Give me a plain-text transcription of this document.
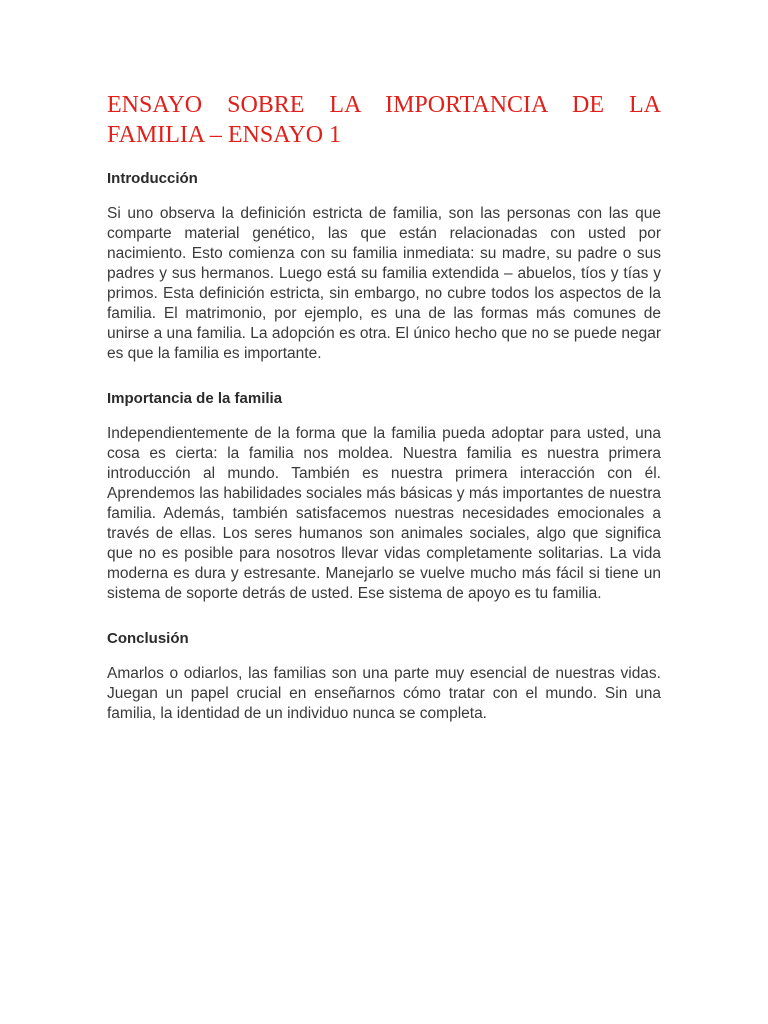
ENSAYO SOBRE LA IMPORTANCIA DE LA FAMILIA – ENSAYO 1
Introducción

Si uno observa la definición estricta de familia, son las personas con las que comparte material genético, las que están relacionadas con usted por nacimiento. Esto comienza con su familia inmediata: su madre, su padre o sus padres y sus hermanos. Luego está su familia extendida – abuelos, tíos y tías y primos. Esta definición estricta, sin embargo, no cubre todos los aspectos de la familia. El matrimonio, por ejemplo, es una de las formas más comunes de unirse a una familia. La adopción es otra. El único hecho que no se puede negar es que la familia es importante.

Importancia de la familia

Independientemente de la forma que la familia pueda adoptar para usted, una cosa es cierta: la familia nos moldea. Nuestra familia es nuestra primera introducción al mundo. También es nuestra primera interacción con él. Aprendemos las habilidades sociales más básicas y más importantes de nuestra familia. Además, también satisfacemos nuestras necesidades emocionales a través de ellas. Los seres humanos son animales sociales, algo que significa que no es posible para nosotros llevar vidas completamente solitarias. La vida moderna es dura y estresante. Manejarlo se vuelve mucho más fácil si tiene un sistema de soporte detrás de usted. Ese sistema de apoyo es tu familia.

Conclusión

Amarlos o odiarlos, las familias son una parte muy esencial de nuestras vidas. Juegan un papel crucial en enseñarnos cómo tratar con el mundo. Sin una familia, la identidad de un individuo nunca se completa.
